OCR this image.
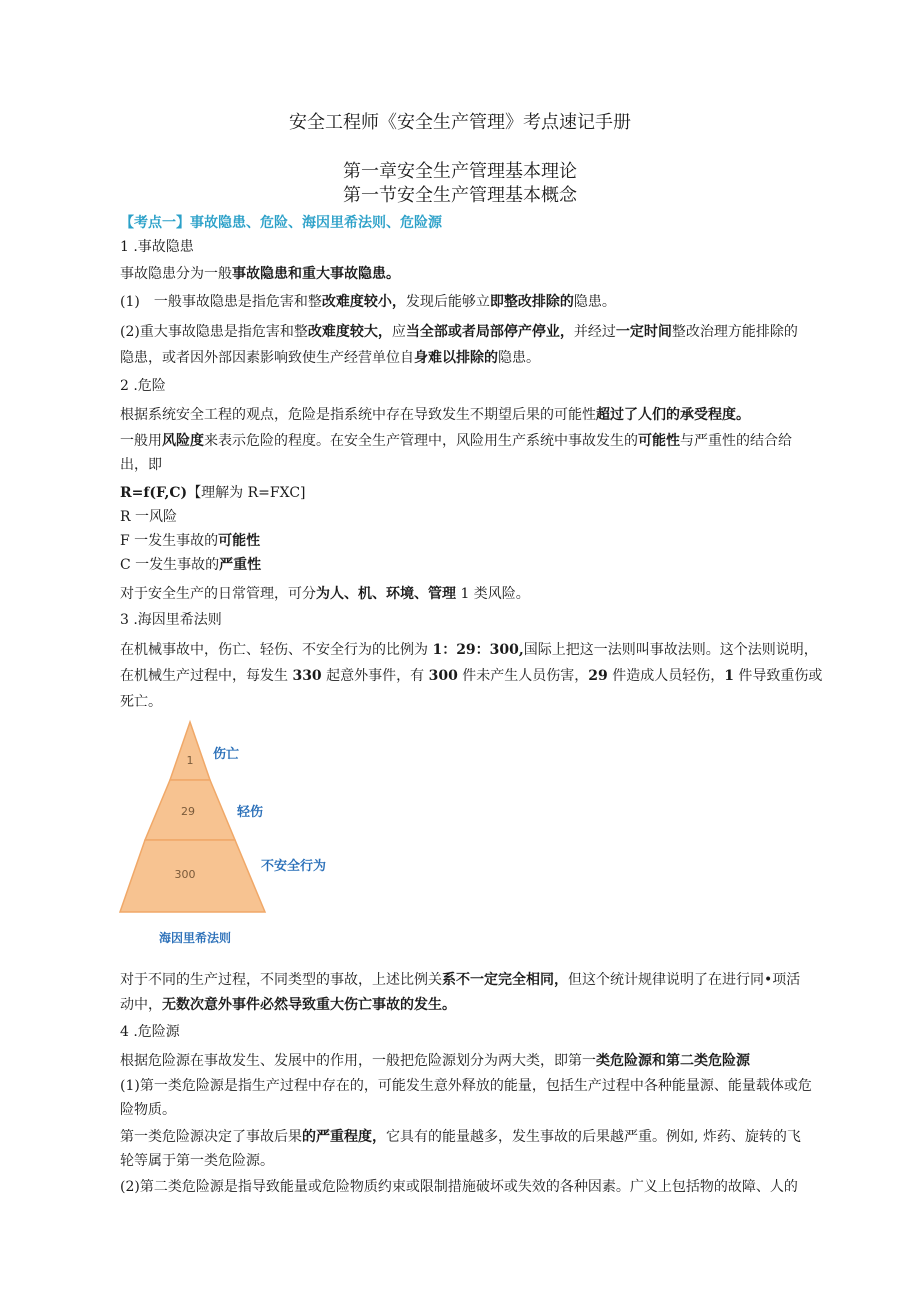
安全工程师《安全生产管理》考点速记手册
第一章安全生产管理基本理论
第一节安全生产管理基本概念
【考点一】事故隐患、危险、海因里希法则、危险源
1 .事故隐患
事故隐患分为一般事故隐患和重大事故隐患。
(1)　一般事故隐患是指危害和整改难度较小，发现后能够立即整改排除的隐患。
(2)重大事故隐患是指危害和整改难度较大，应当全部或者局部停产停业，并经过一定时间整改治理方能排除的
隐患，或者因外部因素影响致使生产经营单位自身难以排除的隐患。
2 .危险
根据系统安全工程的观点，危险是指系统中存在导致发生不期望后果的可能性超过了人们的承受程度。
一般用风险度来表示危险的程度。在安全生产管理中，风险用生产系统中事故发生的可能性与严重性的结合给
出，即
R=f(F,C)【理解为 R=FXC]
R 一风险
F 一发生事故的可能性
C 一发生事故的严重性
对于安全生产的日常管理，可分为人、机、环境、管理 1 类风险。
3 .海因里希法则
在机械事故中，伤亡、轻伤、不安全行为的比例为 1：29：300,国际上把这一法则叫事故法则。这个法则说明，
在机械生产过程中，每发生 330 起意外事件，有 300 件未产生人员伤害，29 件造成人员轻伤，1 件导致重伤或
死亡。
1
29
300
伤亡
轻伤
不安全行为
海因里希法则
对于不同的生产过程，不同类型的事故，上述比例关系不一定完全相同，但这个统计规律说明了在进行同•项活
动中，无数次意外事件必然导致重大伤亡事故的发生。
4 .危险源
根据危险源在事故发生、发展中的作用，一般把危险源划分为两大类，即第一类危险源和第二类危险源
(1)第一类危险源是指生产过程中存在的，可能发生意外释放的能量，包括生产过程中各种能量源、能量载体或危
险物质。
第一类危险源决定了事故后果的严重程度，它具有的能量越多，发生事故的后果越严重。例如, 炸药、旋转的飞
轮等属于第一类危险源。
(2)第二类危险源是指导致能量或危险物质约束或限制措施破坏或失效的各种因素。广义上包括物的故障、人的
